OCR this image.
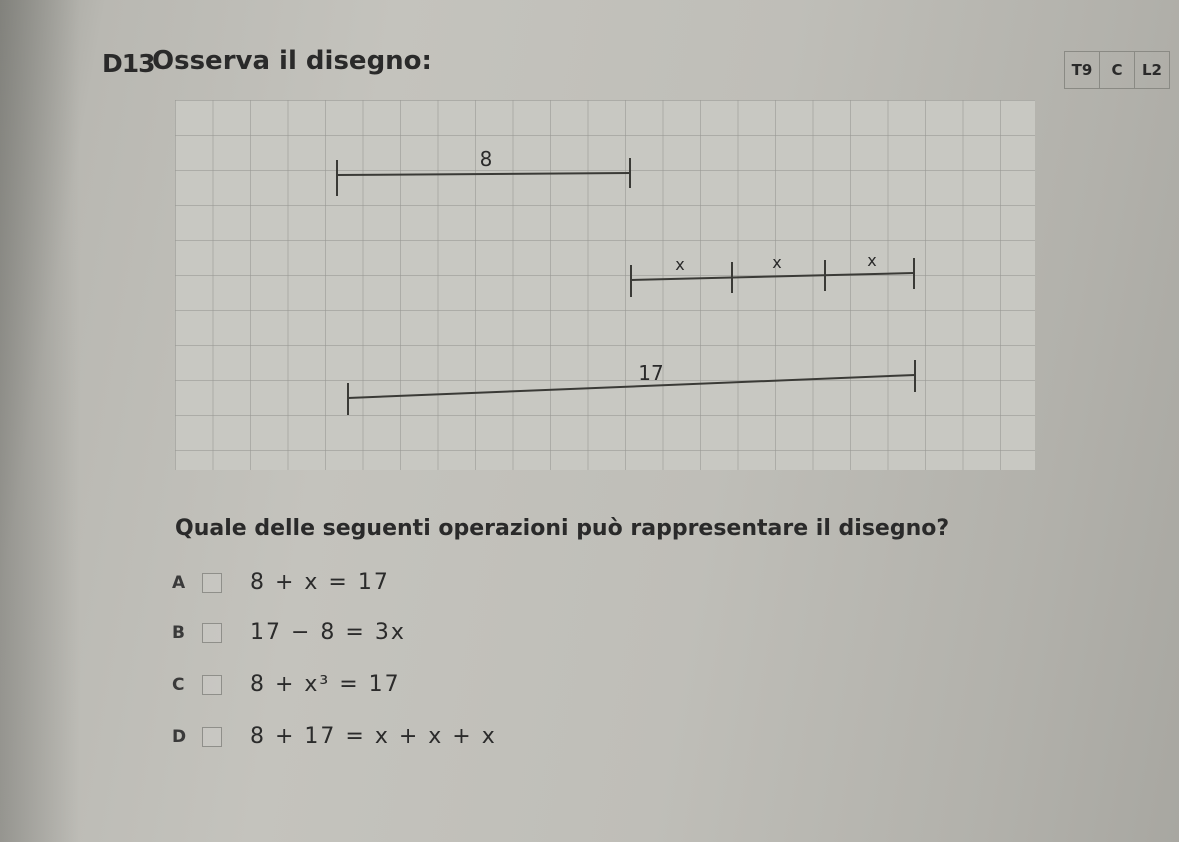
D13
Osserva il disegno:	T9	C	L2
8
x	x	x
17
Quale delle seguenti operazioni può rappresentare il disegno?
A	8 + x = 17
B	17 − 8 = 3x
C	8 + x³ = 17
D	8 + 17 = x + x + x
